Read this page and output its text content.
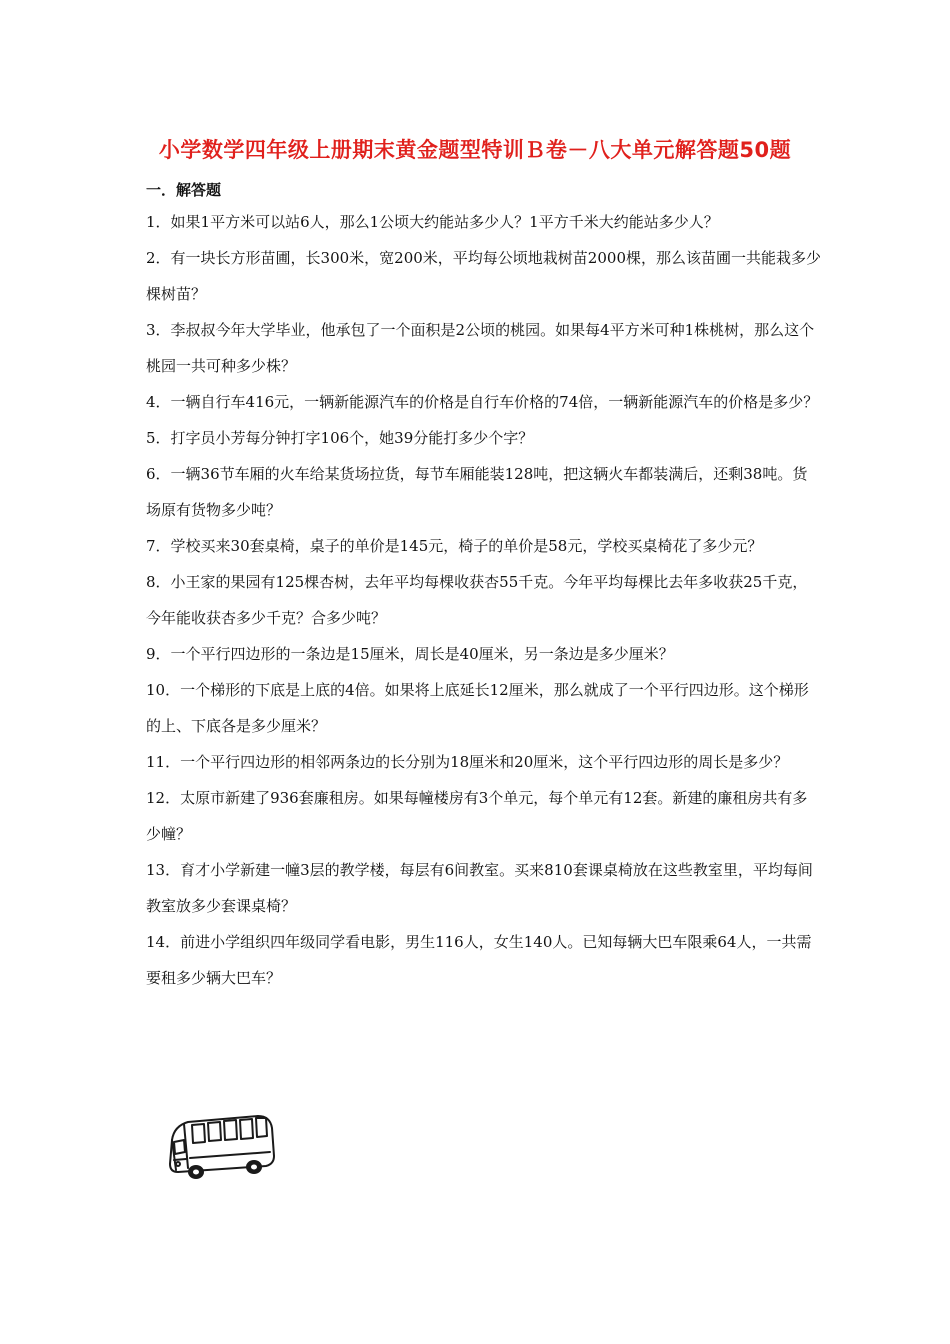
小学数学四年级上册期末黄金题型特训Ｂ卷－八大单元解答题50题
一．解答题

1．如果1平方米可以站6人，那么1公顷大约能站多少人？1平方千米大约能站多少人？

2．有一块长方形苗圃，长300米，宽200米，平均每公顷地栽树苗2000棵，那么该苗圃一共能栽多少棵树苗？

3．李叔叔今年大学毕业，他承包了一个面积是2公顷的桃园。如果每4平方米可种1株桃树，那么这个桃园一共可种多少株？

4．一辆自行车416元，一辆新能源汽车的价格是自行车价格的74倍，一辆新能源汽车的价格是多少？

5．打字员小芳每分钟打字106个，她39分能打多少个字？

6．一辆36节车厢的火车给某货场拉货，每节车厢能装128吨，把这辆火车都装满后，还剩38吨。货场原有货物多少吨？

7．学校买来30套桌椅，桌子的单价是145元，椅子的单价是58元，学校买桌椅花了多少元？

8．小王家的果园有125棵杏树，去年平均每棵收获杏55千克。今年平均每棵比去年多收获25千克，今年能收获杏多少千克？合多少吨？

9．一个平行四边形的一条边是15厘米，周长是40厘米，另一条边是多少厘米？

10．一个梯形的下底是上底的4倍。如果将上底延长12厘米，那么就成了一个平行四边形。这个梯形的上、下底各是多少厘米？

11．一个平行四边形的相邻两条边的长分别为18厘米和20厘米，这个平行四边形的周长是多少？

12．太原市新建了936套廉租房。如果每幢楼房有3个单元，每个单元有12套。新建的廉租房共有多少幢？

13．育才小学新建一幢3层的教学楼，每层有6间教室。买来810套课桌椅放在这些教室里，平均每间教室放多少套课桌椅？

14．前进小学组织四年级同学看电影，男生116人，女生140人。已知每辆大巴车限乘64人，一共需要租多少辆大巴车？
